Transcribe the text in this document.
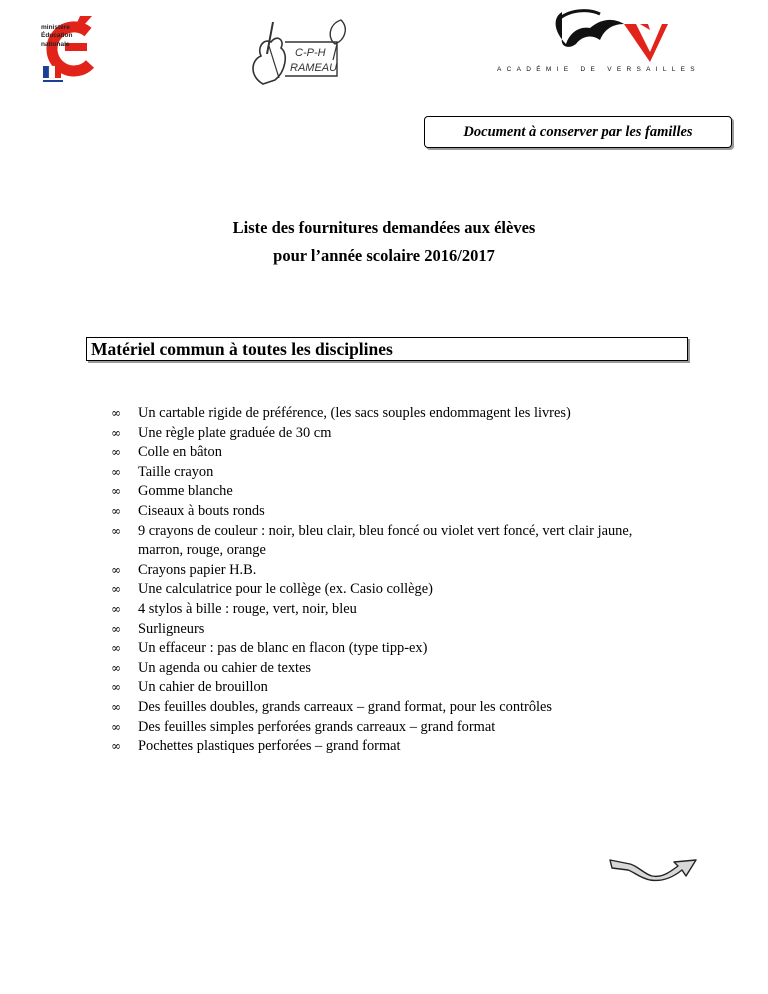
ministère
Éducation
nationale
C-P-H
RAMEAU	ACADÉMIE DE VERSAILLES
Document à conserver par les familles
Liste des fournitures demandées aux élèves
pour l’année scolaire 2016/2017
Matériel commun à toutes les disciplines
∞ Un cartable rigide de préférence, (les sacs souples endommagent les livres)
∞ Une règle plate graduée de 30 cm
∞ Colle en bâton
∞ Taille crayon
∞ Gomme blanche
∞ Ciseaux à bouts ronds
∞ 9 crayons de couleur : noir, bleu clair, bleu foncé ou violet vert foncé, vert clair jaune, marron, rouge, orange
∞ Crayons papier H.B.
∞ Une calculatrice pour le collège (ex. Casio collège)
∞ 4 stylos à bille : rouge, vert, noir, bleu
∞ Surligneurs
∞ Un effaceur : pas de blanc en flacon (type tipp-ex)
∞ Un agenda ou cahier de textes
∞ Un cahier de brouillon
∞ Des feuilles doubles, grands carreaux – grand format, pour les contrôles
∞ Des feuilles simples perforées grands carreaux – grand format
∞ Pochettes plastiques perforées – grand format
